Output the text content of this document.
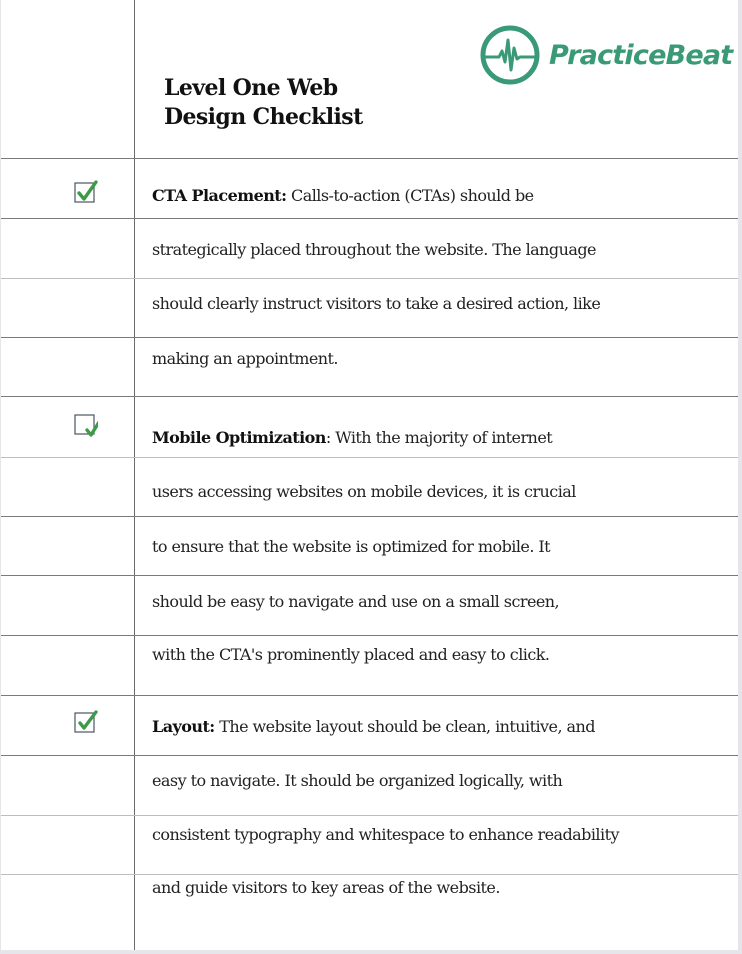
Level One Web
Design Checklist
PracticeBeat
CTA Placement: Calls-to-action (CTAs) should be
strategically placed throughout the website. The language
should clearly instruct visitors to take a desired action, like
making an appointment.
Mobile Optimization: With the majority of internet
users accessing websites on mobile devices, it is crucial
to ensure that the website is optimized for mobile. It
should be easy to navigate and use on a small screen,
with the CTA's prominently placed and easy to click.
Layout: The website layout should be clean, intuitive, and
easy to navigate. It should be organized logically, with
consistent typography and whitespace to enhance readability
and guide visitors to key areas of the website.
